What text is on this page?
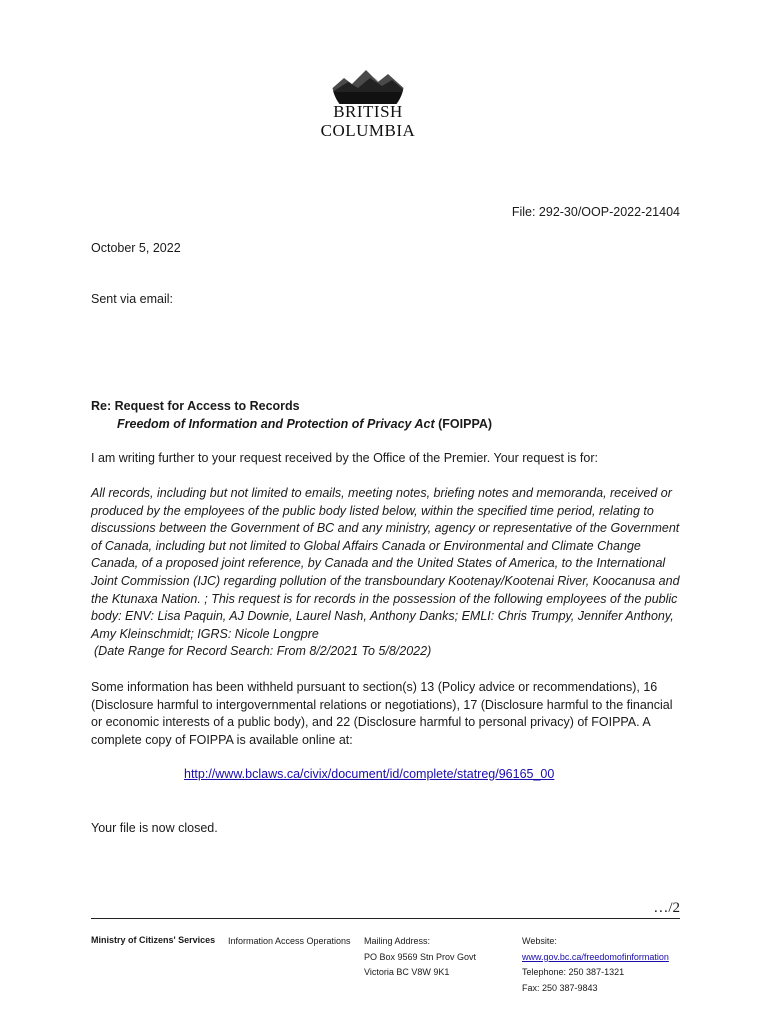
BRITISH
COLUMBIA
File: 292-30/OOP-2022-21404
October 5, 2022
Sent via email:
Re: Request for Access to Records
Freedom of Information and Protection of Privacy Act (FOIPPA)
I am writing further to your request received by the Office of the Premier. Your request is for:
All records, including but not limited to emails, meeting notes, briefing notes and memoranda, received or produced by the employees of the public body listed below, within the specified time period, relating to discussions between the Government of BC and any ministry, agency or representative of the Government of Canada, including but not limited to Global Affairs Canada or Environmental and Climate Change Canada, of a proposed joint reference, by Canada and the United States of America, to the International Joint Commission (IJC) regarding pollution of the transboundary Kootenay/Kootenai River, Koocanusa and the Ktunaxa Nation. ; This request is for records in the possession of the following employees of the public body: ENV: Lisa Paquin, AJ Downie, Laurel Nash, Anthony Danks; EMLI: Chris Trumpy, Jennifer Anthony, Amy Kleinschmidt; IGRS: Nicole Longpre
(Date Range for Record Search: From 8/2/2021 To 5/8/2022)
Some information has been withheld pursuant to section(s) 13 (Policy advice or recommendations), 16 (Disclosure harmful to intergovernmental relations or negotiations), 17 (Disclosure harmful to the financial or economic interests of a public body), and 22 (Disclosure harmful to personal privacy) of FOIPPA. A complete copy of FOIPPA is available online at:
http://www.bclaws.ca/civix/document/id/complete/statreg/96165_00
Your file is now closed.
…/2
Ministry of Citizens' Services Information Access Operations Mailing Address:
PO Box 9569 Stn Prov Govt
Victoria BC V8W 9K1
Website:
www.gov.bc.ca/freedomofinformation
Telephone: 250 387-1321
Fax: 250 387-9843
